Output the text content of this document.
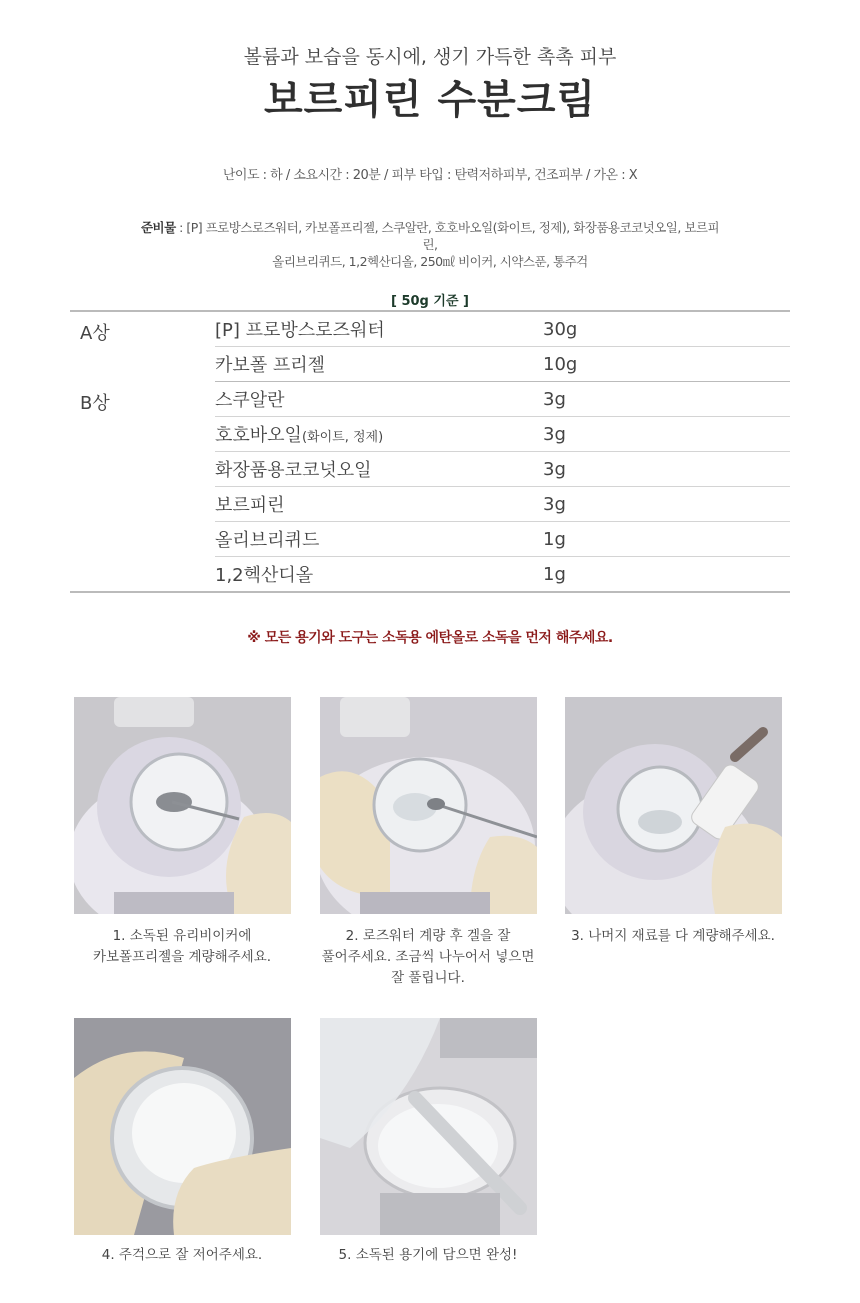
볼륨과 보습을 동시에, 생기 가득한 촉촉 피부
보르피린 수분크림
난이도 : 하 / 소요시간 : 20분 / 피부 타입 : 탄력저하피부, 건조피부 / 가온 : X
준비물 : [P] 프로방스로즈워터, 카보폴프리젤, 스쿠알란, 호호바오일(화이트, 정제), 화장품용코코넛오일, 보르피린,
올리브리퀴드, 1,2헥산디올, 250㎖ 비이커, 시약스푼, 통주걱
[ 50g 기준 ]
A상	[P] 프로방스로즈워터	30g
	카보폴 프리젤	10g
B상	스쿠알란	3g
	호호바오일(화이트, 정제)	3g
	화장품용코코넛오일	3g
	보르피린	3g
	올리브리퀴드	1g
	1,2헥산디올	1g
※ 모든 용기와 도구는 소독용 에탄올로 소독을 먼저 해주세요.
1. 소독된 유리비이커에
카보폴프리젤을 계량해주세요.
2. 로즈워터 계량 후 겔을 잘
풀어주세요. 조금씩 나누어서 넣으면
잘 풀립니다.
3. 나머지 재료를 다 계량해주세요.
4. 주걱으로 잘 저어주세요.	5. 소독된 용기에 담으면 완성!
